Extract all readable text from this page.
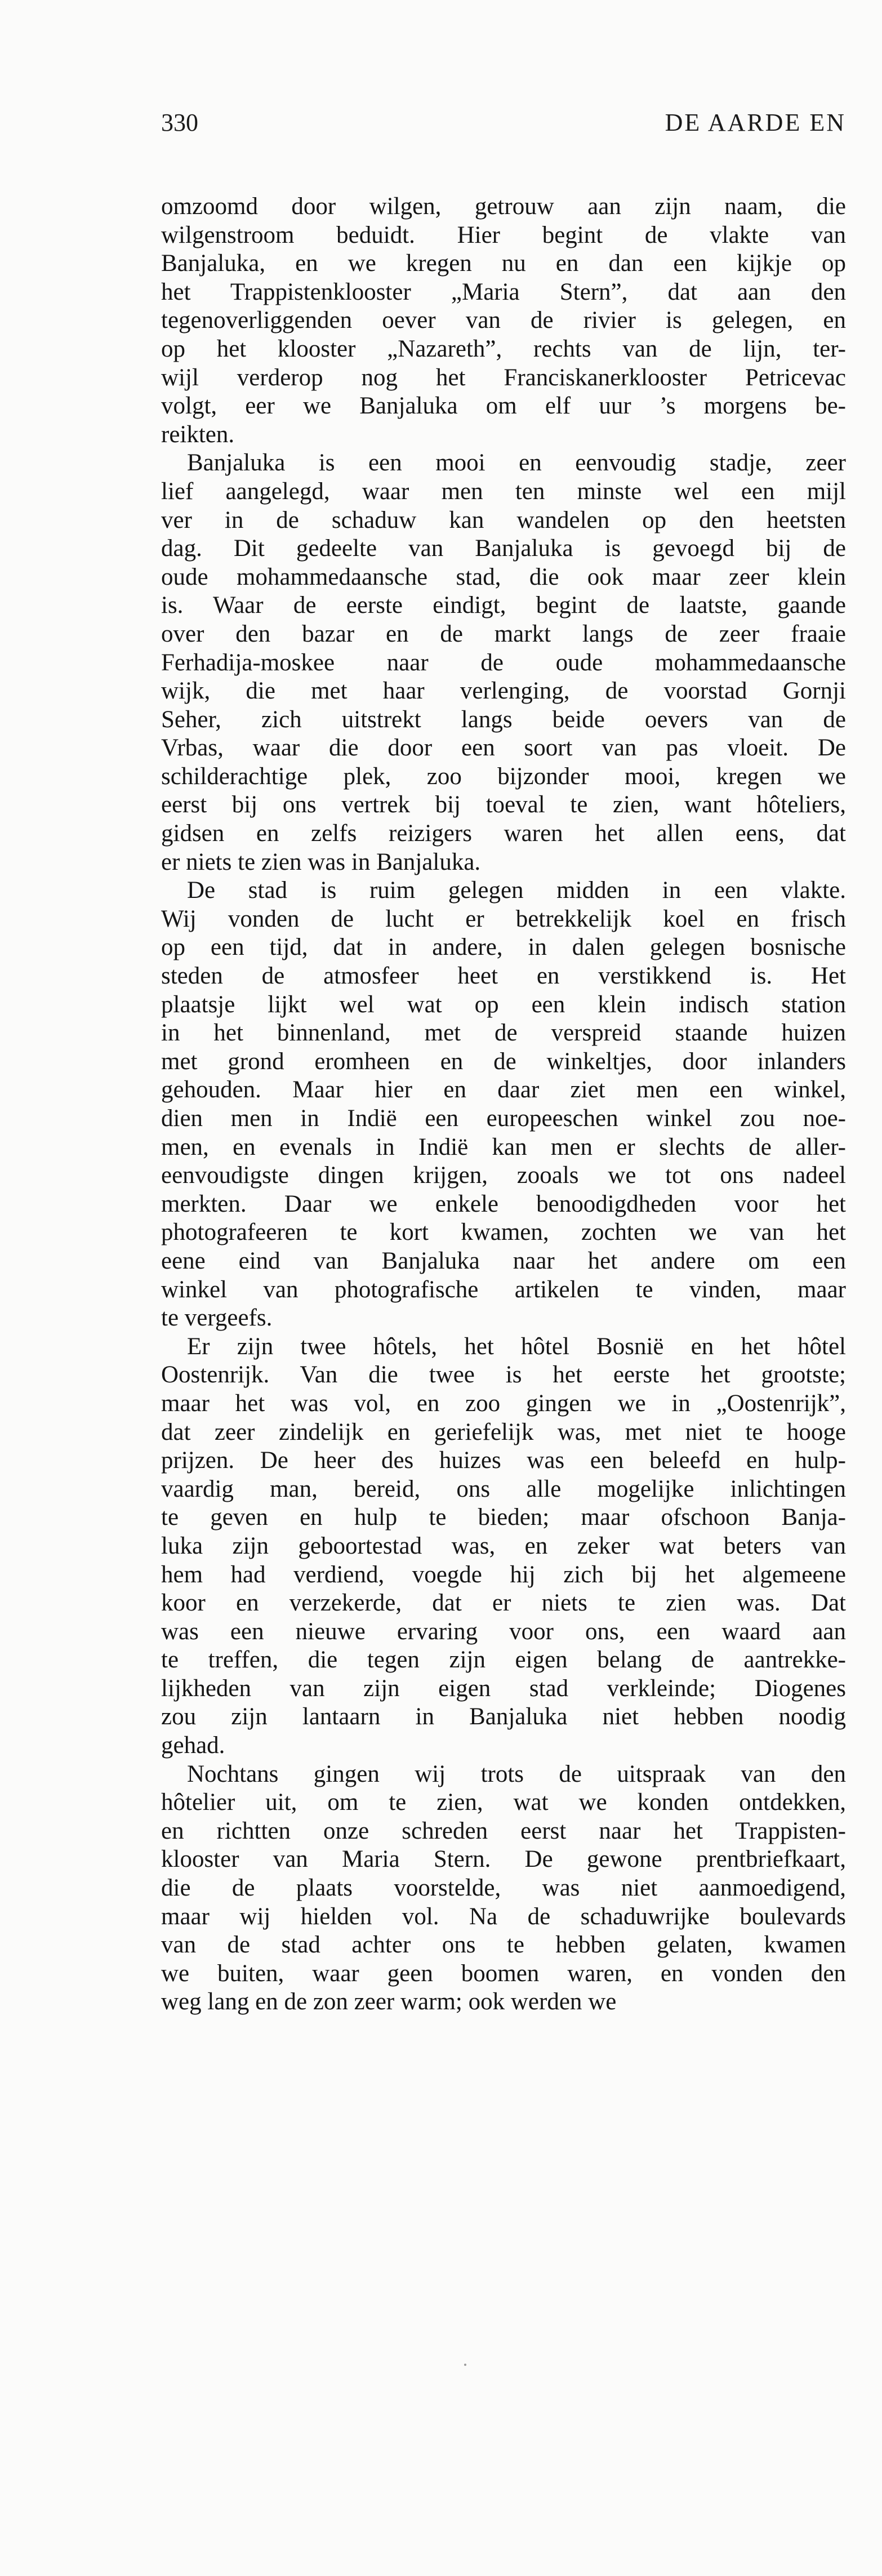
330	DE AARDE EN
omzoomd door wilgen, getrouw aan zijn naam, die
wilgenstroom beduidt. Hier begint de vlakte van
Banjaluka, en we kregen nu en dan een kijkje op
het Trappistenklooster „Maria Stern”, dat aan den
tegenoverliggenden oever van de rivier is gelegen, en
op het klooster „Nazareth”, rechts van de lijn, ter-
wijl verderop nog het Franciskanerklooster Petricevac
volgt, eer we Banjaluka om elf uur ’s morgens be-
reikten.
Banjaluka is een mooi en eenvoudig stadje, zeer
lief aangelegd, waar men ten minste wel een mijl
ver in de schaduw kan wandelen op den heetsten
dag. Dit gedeelte van Banjaluka is gevoegd bij de
oude mohammedaansche stad, die ook maar zeer klein
is. Waar de eerste eindigt, begint de laatste, gaande
over den bazar en de markt langs de zeer fraaie
Ferhadija-moskee naar de oude mohammedaansche
wijk, die met haar verlenging, de voorstad Gornji
Seher, zich uitstrekt langs beide oevers van de
Vrbas, waar die door een soort van pas vloeit. De
schilderachtige plek, zoo bijzonder mooi, kregen we
eerst bij ons vertrek bij toeval te zien, want hôteliers,
gidsen en zelfs reizigers waren het allen eens, dat
er niets te zien was in Banjaluka.
De stad is ruim gelegen midden in een vlakte.
Wij vonden de lucht er betrekkelijk koel en frisch
op een tijd, dat in andere, in dalen gelegen bosnische
steden de atmosfeer heet en verstikkend is. Het
plaatsje lijkt wel wat op een klein indisch station
in het binnenland, met de verspreid staande huizen
met grond eromheen en de winkeltjes, door inlanders
gehouden. Maar hier en daar ziet men een winkel,
dien men in Indië een europeeschen winkel zou noe-
men, en evenals in Indië kan men er slechts de aller-
eenvoudigste dingen krijgen, zooals we tot ons nadeel
merkten. Daar we enkele benoodigdheden voor het
photografeeren te kort kwamen, zochten we van het
eene eind van Banjaluka naar het andere om een
winkel van photografische artikelen te vinden, maar
te vergeefs.
Er zijn twee hôtels, het hôtel Bosnië en het hôtel
Oostenrijk. Van die twee is het eerste het grootste;
maar het was vol, en zoo gingen we in „Oostenrijk”,
dat zeer zindelijk en geriefelijk was, met niet te hooge
prijzen. De heer des huizes was een beleefd en hulp-
vaardig man, bereid, ons alle mogelijke inlichtingen
te geven en hulp te bieden; maar ofschoon Banja-
luka zijn geboortestad was, en zeker wat beters van
hem had verdiend, voegde hij zich bij het algemeene
koor en verzekerde, dat er niets te zien was. Dat
was een nieuwe ervaring voor ons, een waard aan
te treffen, die tegen zijn eigen belang de aantrekke-
lijkheden van zijn eigen stad verkleinde; Diogenes
zou zijn lantaarn in Banjaluka niet hebben noodig
gehad.
Nochtans gingen wij trots de uitspraak van den
hôtelier uit, om te zien, wat we konden ontdekken,
en richtten onze schreden eerst naar het Trappisten-
klooster van Maria Stern. De gewone prentbriefkaart,
die de plaats voorstelde, was niet aanmoedigend,
maar wij hielden vol. Na de schaduwrijke boulevards
van de stad achter ons te hebben gelaten, kwamen
we buiten, waar geen boomen waren, en vonden den
weg lang en de zon zeer warm; ook werden we
